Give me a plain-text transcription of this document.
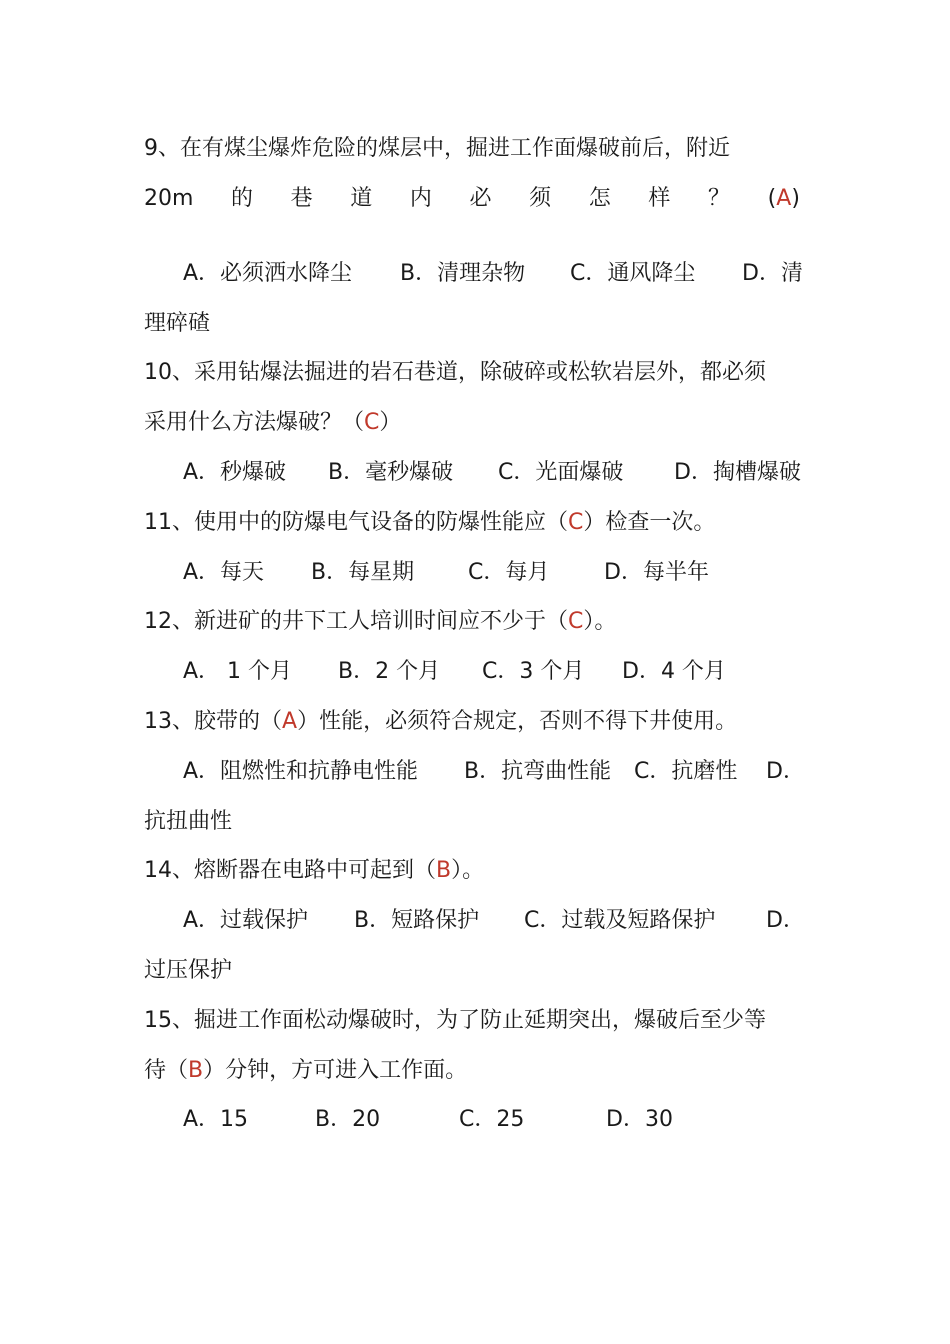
9、在有煤尘爆炸危险的煤层中，掘进工作面爆破前后，附近
20m 的 巷 道 内 必 须 怎 样 ？ (A)
A．必须洒水降尘 B．清理杂物 C．通风降尘 D．清
理碎碴
10、采用钻爆法掘进的岩石巷道，除破碎或松软岩层外，都必须
采用什么方法爆破？（C）
A．秒爆破 B．毫秒爆破 C．光面爆破 D．掏槽爆破
11、使用中的防爆电气设备的防爆性能应（C）检查一次。
A．每天 B．每星期 C．每月 D．每半年
12、新进矿的井下工人培训时间应不少于（C）。
A． 1 个月 B．2 个月 C．3 个月 D．4 个月
13、胶带的（A）性能，必须符合规定，否则不得下井使用。
A．阻燃性和抗静电性能 B．抗弯曲性能 C．抗磨性 D．
抗扭曲性
14、熔断器在电路中可起到（B）。
A．过载保护 B．短路保护 C．过载及短路保护 D．
过压保护
15、掘进工作面松动爆破时，为了防止延期突出，爆破后至少等
待（B）分钟，方可进入工作面。
A．15	B．20	C．25	D．30
